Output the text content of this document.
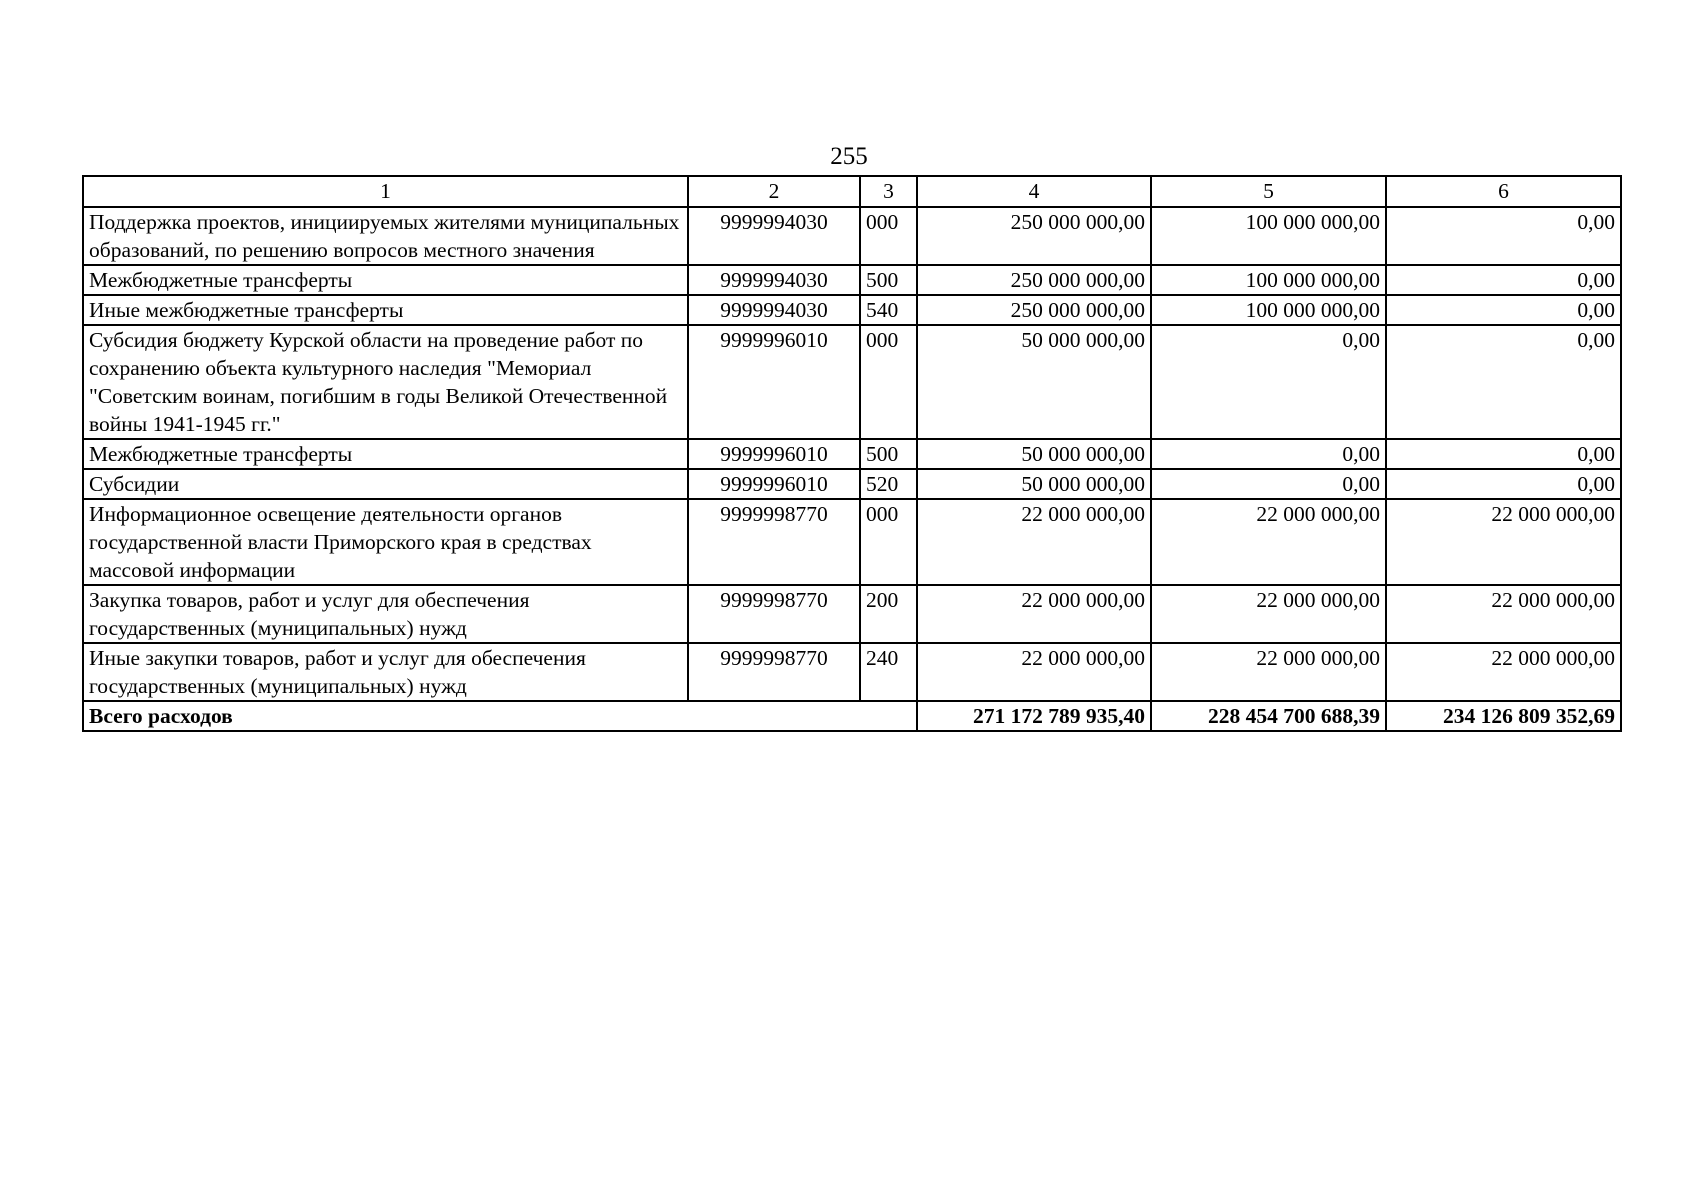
255
1	2	3	4	5	6
Поддержка проектов, инициируемых жителями муниципальных образований, по решению вопросов местного значения	9999994030	000	250 000 000,00	100 000 000,00	0,00
Межбюджетные трансферты	9999994030	500	250 000 000,00	100 000 000,00	0,00
Иные межбюджетные трансферты	9999994030	540	250 000 000,00	100 000 000,00	0,00
Субсидия бюджету Курской области на проведение работ по сохранению объекта культурного наследия "Мемориал "Советским воинам, погибшим в годы Великой Отечественной войны 1941-1945 гг."	9999996010	000	50 000 000,00	0,00	0,00
Межбюджетные трансферты	9999996010	500	50 000 000,00	0,00	0,00
Субсидии	9999996010	520	50 000 000,00	0,00	0,00
Информационное освещение деятельности органов государственной власти Приморского края в средствах массовой информации	9999998770	000	22 000 000,00	22 000 000,00	22 000 000,00
Закупка товаров, работ и услуг для обеспечения государственных (муниципальных) нужд	9999998770	200	22 000 000,00	22 000 000,00	22 000 000,00
Иные закупки товаров, работ и услуг для обеспечения государственных (муниципальных) нужд	9999998770	240	22 000 000,00	22 000 000,00	22 000 000,00
Всего расходов			271 172 789 935,40	228 454 700 688,39	234 126 809 352,69
